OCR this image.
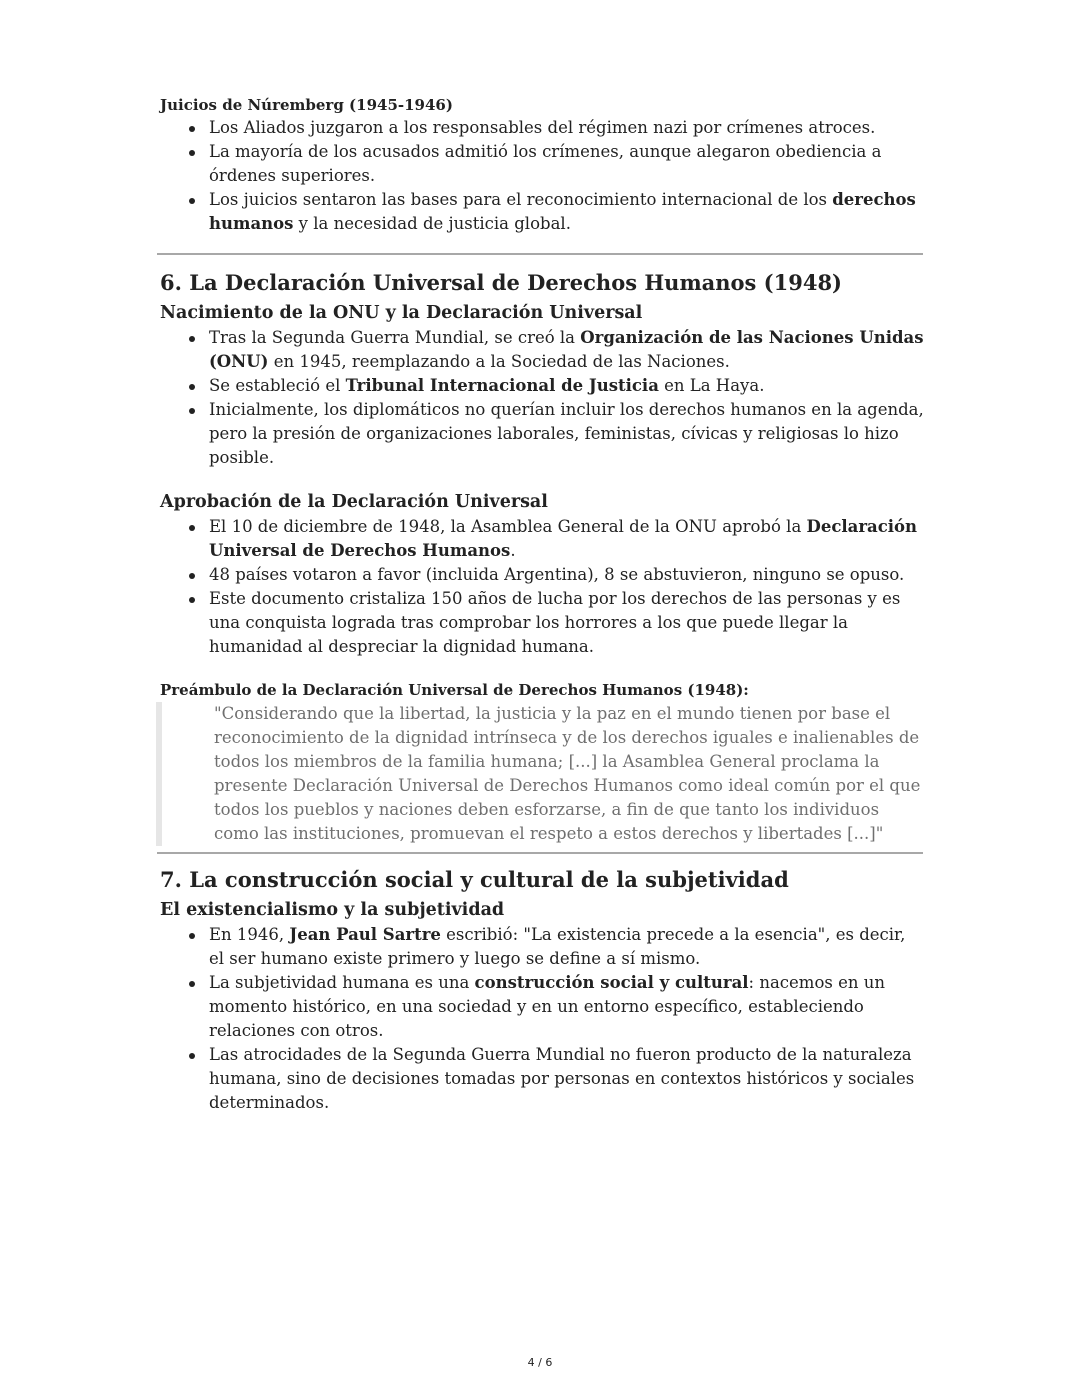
Juicios de Núremberg (1945-1946)

Los Aliados juzgaron a los responsables del régimen nazi por crímenes atroces.
La mayoría de los acusados admitió los crímenes, aunque alegaron obediencia a órdenes superiores.
Los juicios sentaron las bases para el reconocimiento internacional de los derechos humanos y la necesidad de justicia global.
6. La Declaración Universal de Derechos Humanos (1948)
Nacimiento de la ONU y la Declaración Universal
Tras la Segunda Guerra Mundial, se creó la Organización de las Naciones Unidas (ONU) en 1945, reemplazando a la Sociedad de las Naciones.
Se estableció el Tribunal Internacional de Justicia en La Haya.
Inicialmente, los diplomáticos no querían incluir los derechos humanos en la agenda, pero la presión de organizaciones laborales, feministas, cívicas y religiosas lo hizo posible.
Aprobación de la Declaración Universal
El 10 de diciembre de 1948, la Asamblea General de la ONU aprobó la Declaración Universal de Derechos Humanos.
48 países votaron a favor (incluida Argentina), 8 se abstuvieron, ninguno se opuso.
Este documento cristaliza 150 años de lucha por los derechos de las personas y es una conquista lograda tras comprobar los horrores a los que puede llegar la humanidad al despreciar la dignidad humana.

Preámbulo de la Declaración Universal de Derechos Humanos (1948):

"Considerando que la libertad, la justicia y la paz en el mundo tienen por base el reconocimiento de la dignidad intrínseca y de los derechos iguales e inalienables de todos los miembros de la familia humana; [...] la Asamblea General proclama la presente Declaración Universal de Derechos Humanos como ideal común por el que todos los pueblos y naciones deben esforzarse, a fin de que tanto los individuos como las instituciones, promuevan el respeto a estos derechos y libertades [...]"

7. La construcción social y cultural de la subjetividad
El existencialismo y la subjetividad
En 1946, Jean Paul Sartre escribió: "La existencia precede a la esencia", es decir, el ser humano existe primero y luego se define a sí mismo.
La subjetividad humana es una construcción social y cultural: nacemos en un momento histórico, en una sociedad y en un entorno específico, estableciendo relaciones con otros.
Las atrocidades de la Segunda Guerra Mundial no fueron producto de la naturaleza humana, sino de decisiones tomadas por personas en contextos históricos y sociales determinados.
4 / 6
